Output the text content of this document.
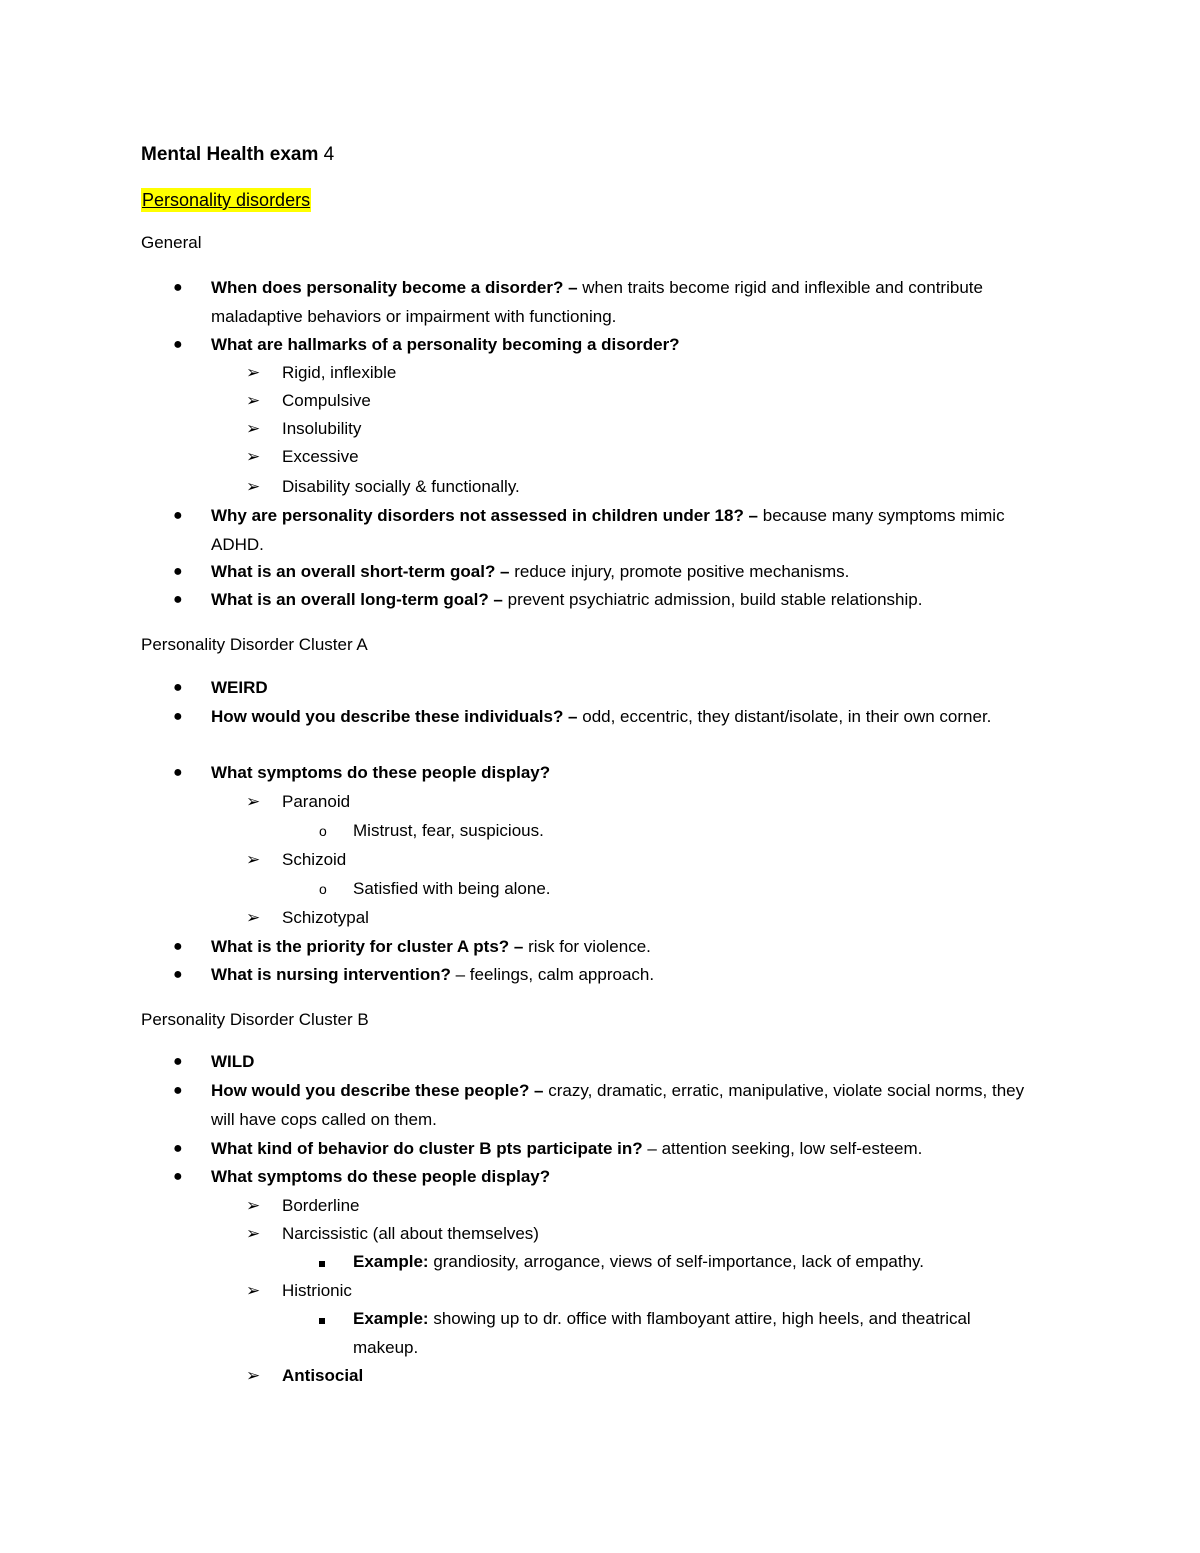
Mental Health exam 4
Personality disorders
General
● When does personality become a disorder? – when traits become rigid and inflexible and contribute maladaptive behaviors or impairment with functioning.
● What are hallmarks of a personality becoming a disorder?
➢ Rigid, inflexible
➢ Compulsive
➢ Insolubility
➢ Excessive
➢ Disability socially & functionally.
● Why are personality disorders not assessed in children under 18? – because many symptoms mimic ADHD.
● What is an overall short-term goal? – reduce injury, promote positive mechanisms.
● What is an overall long-term goal? – prevent psychiatric admission, build stable relationship.
Personality Disorder Cluster A
● WEIRD
● How would you describe these individuals? – odd, eccentric, they distant/isolate, in their own corner.
● What symptoms do these people display?
➢ Paranoid
o Mistrust, fear, suspicious.
➢ Schizoid
o Satisfied with being alone.
➢ Schizotypal
● What is the priority for cluster A pts? – risk for violence.
● What is nursing intervention? – feelings, calm approach.
Personality Disorder Cluster B
● WILD
● How would you describe these people? – crazy, dramatic, erratic, manipulative, violate social norms, they will have cops called on them.
● What kind of behavior do cluster B pts participate in? – attention seeking, low self-esteem.
● What symptoms do these people display?
➢ Borderline
➢ Narcissistic (all about themselves)
Example: grandiosity, arrogance, views of self-importance, lack of empathy.
➢ Histrionic
Example: showing up to dr. office with flamboyant attire, high heels, and theatrical makeup.
➢ Antisocial
